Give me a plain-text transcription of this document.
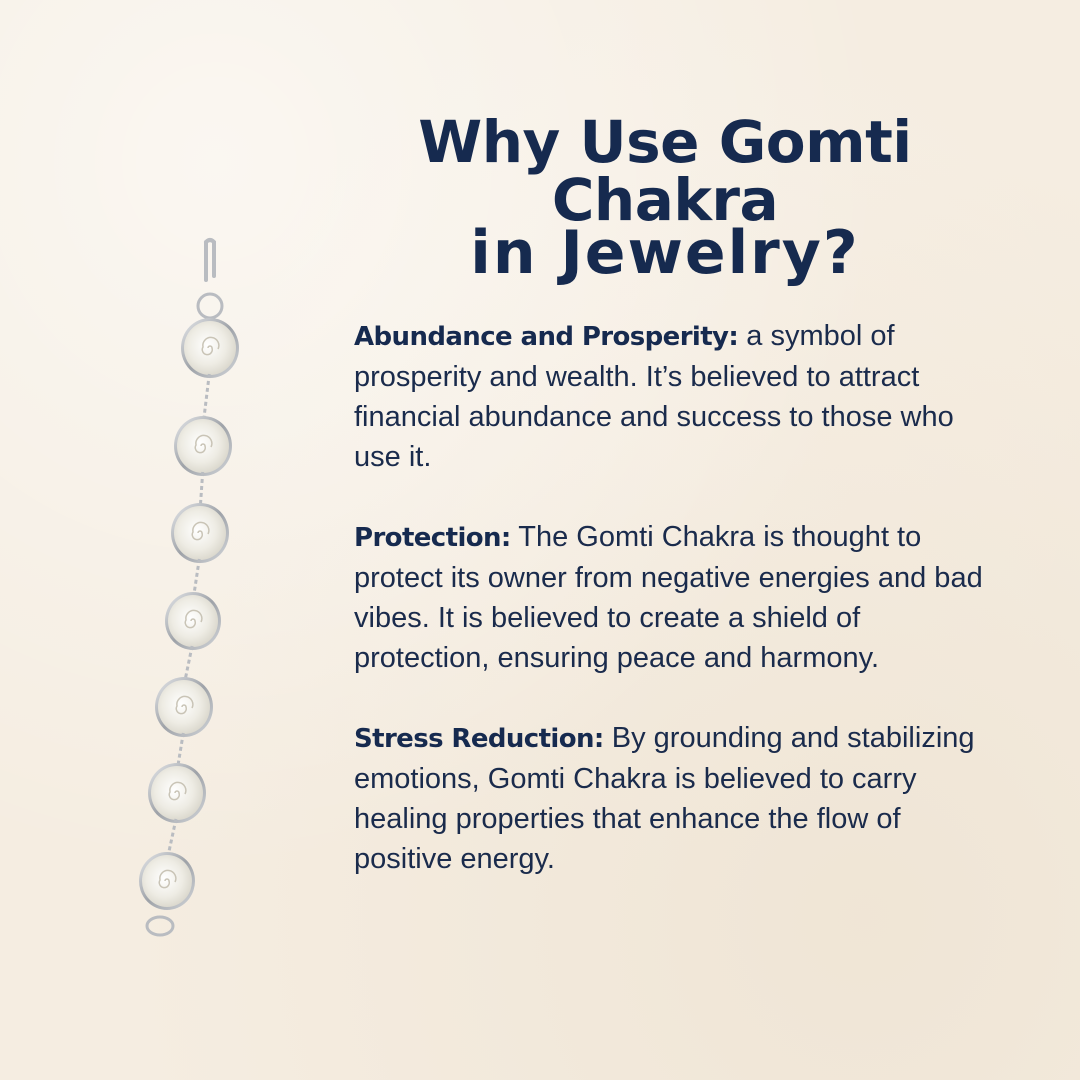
Why Use Gomti Chakra
in Jewelry?

Abundance and Prosperity: a symbol of prosperity and wealth. It’s believed to attract financial abundance and success to those who use it.

Protection: The Gomti Chakra is thought to protect its owner from negative energies and bad vibes. It is believed to create a shield of protection, ensuring peace and harmony.

Stress Reduction: By grounding and stabilizing emotions, Gomti Chakra is believed to carry healing properties that enhance the flow of positive energy.
